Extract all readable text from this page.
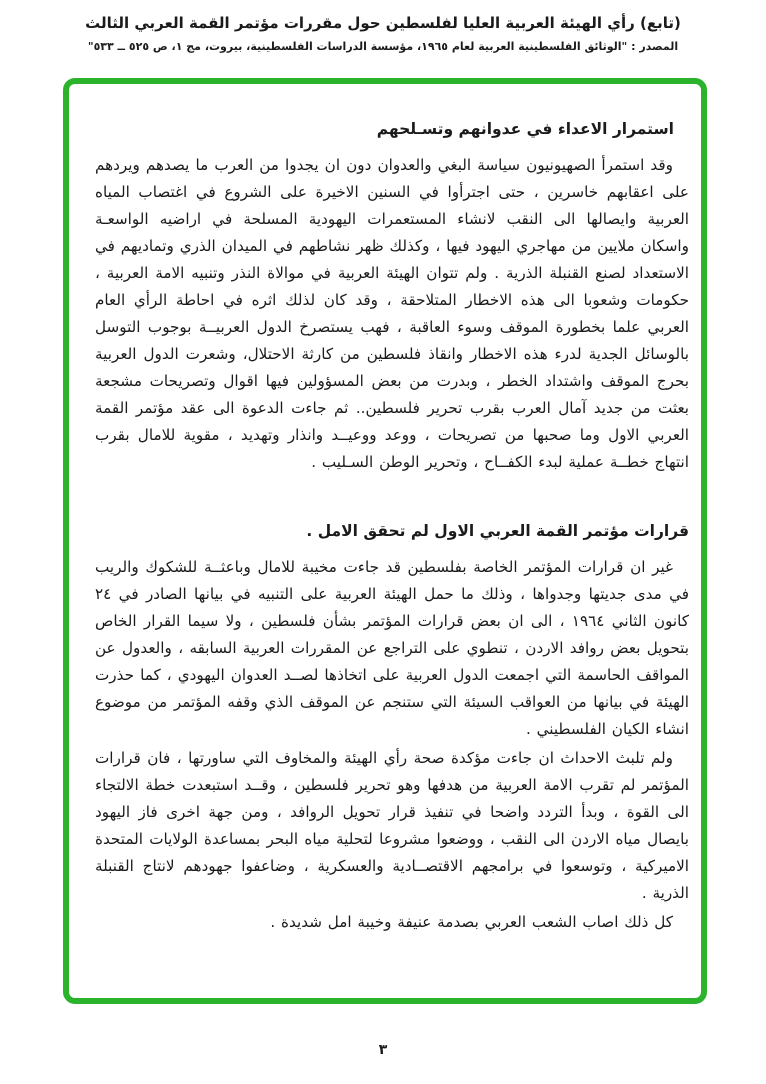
(تابع) رأي الهيئة العربية العليا لفلسطين حول مقررات مؤتمر القمة العربي الثالث
المصدر : "الوثائق الفلسطينية العربية لعام ١٩٦٥، مؤسسة الدراسات الفلسطينية، بيروت، مج ١، ص ٥٢٥ ــ ٥٣٣"
استمرار الاعداء في عدوانهم وتسـلحهم

وقد استمرأ الصهيونيون سياسة البغي والعدوان دون ان يجدوا من العرب ما يصدهم ويردهم على اعقابهم خاسرين ، حتى اجترأوا في السنين الاخيرة على الشروع في اغتصاب المياه العربية وايصالها الى النقب لانشاء المستعمرات اليهودية المسلحة في اراضيه الواسعـة واسكان ملايين من مهاجري اليهود فيها ، وكذلك ظهر نشاطهم في الميدان الذري وتماديهم في الاستعداد لصنع القنبلة الذرية . ولم تتوان الهيئة العربية في موالاة النذر وتنبيه الامة العربية ، حكومات وشعوبا الى هذه الاخطار المتلاحقة ، وقد كان لذلك اثره في احاطة الرأي العام العربي علما بخطورة الموقف وسوء العاقبة ، فهب يستصرخ الدول العربيــة بوجوب التوسل بالوسائل الجدية لدرء هذه الاخطار وانقاذ فلسطين من كارثة الاحتلال، وشعرت الدول العربية بحرج الموقف واشتداد الخطر ، وبدرت من بعض المسؤولين فيها اقوال وتصريحات مشجعة بعثت من جديد آمال العرب بقرب تحرير فلسطين.. ثم جاءت الدعوة الى عقد مؤتمر القمة العربي الاول وما صحبها من تصريحات ، ووعد ووعيــد وانذار وتهديد ، مقوية للامال بقرب انتهاج خطــة عملية لبدء الكفــاح ، وتحرير الوطن السـليب .

قرارات مؤتمر القمة العربي الاول لم تحقق الامل .

غير ان قرارات المؤتمر الخاصة بفلسطين قد جاءت مخيبة للامال وباعثــة للشكوك والريب في مدى جديتها وجدواها ، وذلك ما حمل الهيئة العربية على التنبيه في بيانها الصادر في ٢٤ كانون الثاني ١٩٦٤ ، الى ان بعض قرارات المؤتمر بشأن فلسطين ، ولا سيما القرار الخاص بتحويل بعض روافد الاردن ، تنطوي على التراجع عن المقررات العربية السابقه ، والعدول عن المواقف الحاسمة التي اجمعت الدول العربية على اتخاذها لصــد العدوان اليهودي ، كما حذرت الهيئة في بيانها من العواقب السيئة التي ستنجم عن الموقف الذي وقفه المؤتمر من موضوع انشاء الكيان الفلسطيني .

ولم تلبث الاحداث ان جاءت مؤكدة صحة رأي الهيئة والمخاوف التي ساورتها ، فان قرارات المؤتمر لم تقرب الامة العربية من هدفها وهو تحرير فلسطين ، وقــد استبعدت خطة الالتجاء الى القوة ، وبدأ التردد واضحا في تنفيذ قرار تحويل الروافد ، ومن جهة اخرى فاز اليهود بايصال مياه الاردن الى النقب ، ووضعوا مشروعا لتحلية مياه البحر بمساعدة الولايات المتحدة الاميركية ، وتوسعوا في برامجهم الاقتصــادية والعسكرية ، وضاعفوا جهودهم لانتاج القنبلة الذرية .

كل ذلك اصاب الشعب العربي بصدمة عنيفة وخيبة امل شديدة .

٣
